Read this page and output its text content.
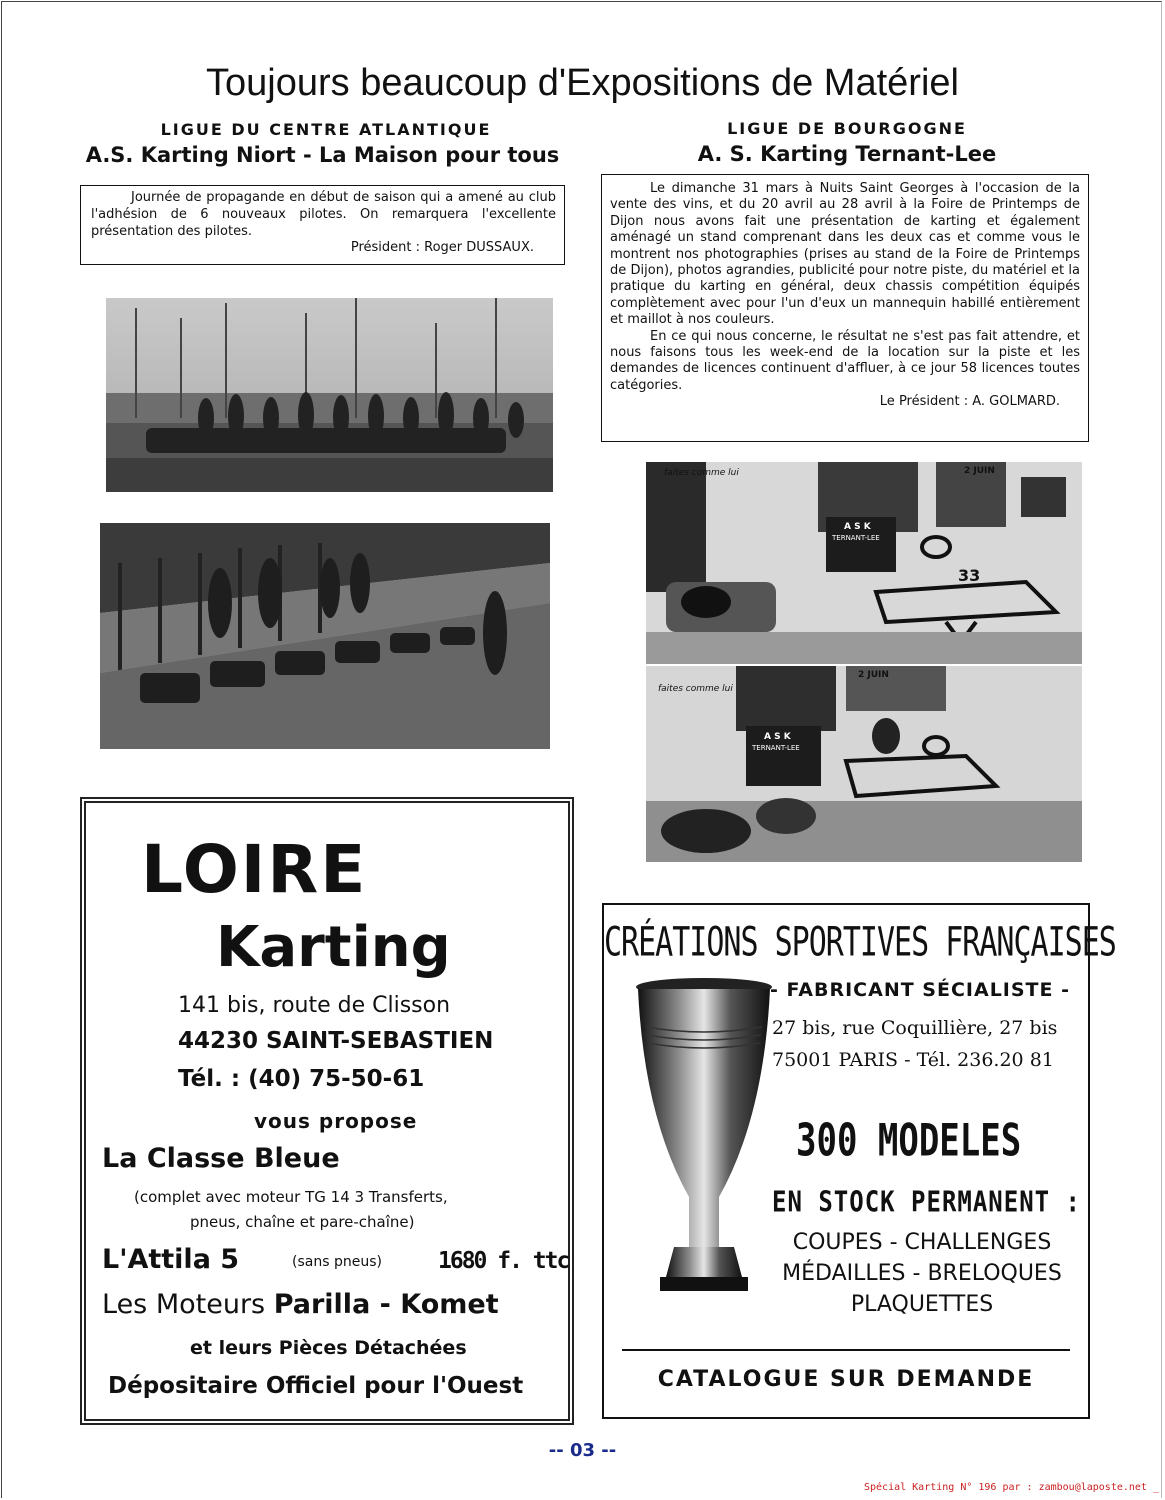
Toujours beaucoup d'Expositions de Matériel
LIGUE DU CENTRE ATLANTIQUE
A.S. Karting Niort - La Maison pour tous

Journée de propagande en début de saison qui a amené au club l'adhésion de 6 nouveaux pilotes. On remarquera l'excellente présentation des pilotes.

Président : Roger DUSSAUX.
LIGUE DE BOURGOGNE
A. S. Karting Ternant-Lee

Le dimanche 31 mars à Nuits Saint Georges à l'occasion de la vente des vins, et du 20 avril au 28 avril à la Foire de Printemps de Dijon nous avons fait une présentation de karting et également aménagé un stand comprenant dans les deux cas et comme vous le montrent nos photographies (prises au stand de la Foire de Printemps de Dijon), photos agrandies, publicité pour notre piste, du matériel et la pratique du karting en général, deux chassis compétition équipés complètement avec pour l'un d'eux un mannequin habillé entièrement et maillot à nos couleurs.

En ce qui nous concerne, le résultat ne s'est pas fait attendre, et nous faisons tous les week-end de la location sur la piste et les demandes de licences continuent d'affluer, à ce jour 58 licences toutes catégories.

Le Président : A. GOLMARD.
faites comme lui	2 JUIN
A S K
TERNANT-LEE
33
faites comme lui
2 JUIN
A S K
TERNANT-LEE
LOIRE
Karting
141 bis, route de Clisson
44230 SAINT-SEBASTIEN
Tél. : (40) 75-50-61
vous propose
La Classe Bleue
(complet avec moteur TG 14 3 Transferts,
pneus, chaîne et pare-chaîne)
L'Attila 5	(sans pneus) 1680 f. ttc
Les Moteurs Parilla - Komet
et leurs Pièces Détachées
Dépositaire Officiel pour l'Ouest
CRÉATIONS SPORTIVES FRANÇAISES
- FABRICANT SÉCIALISTE -
27 bis, rue Coquillière, 27 bis
75001 PARIS - Tél. 236.20 81
300 MODELES
EN STOCK PERMANENT :
COUPES - CHALLENGES
MÉDAILLES - BRELOQUES
PLAQUETTES
CATALOGUE SUR DEMANDE
-- 03 --
Spécial Karting N° 196 par : zambou@laposte.net _
